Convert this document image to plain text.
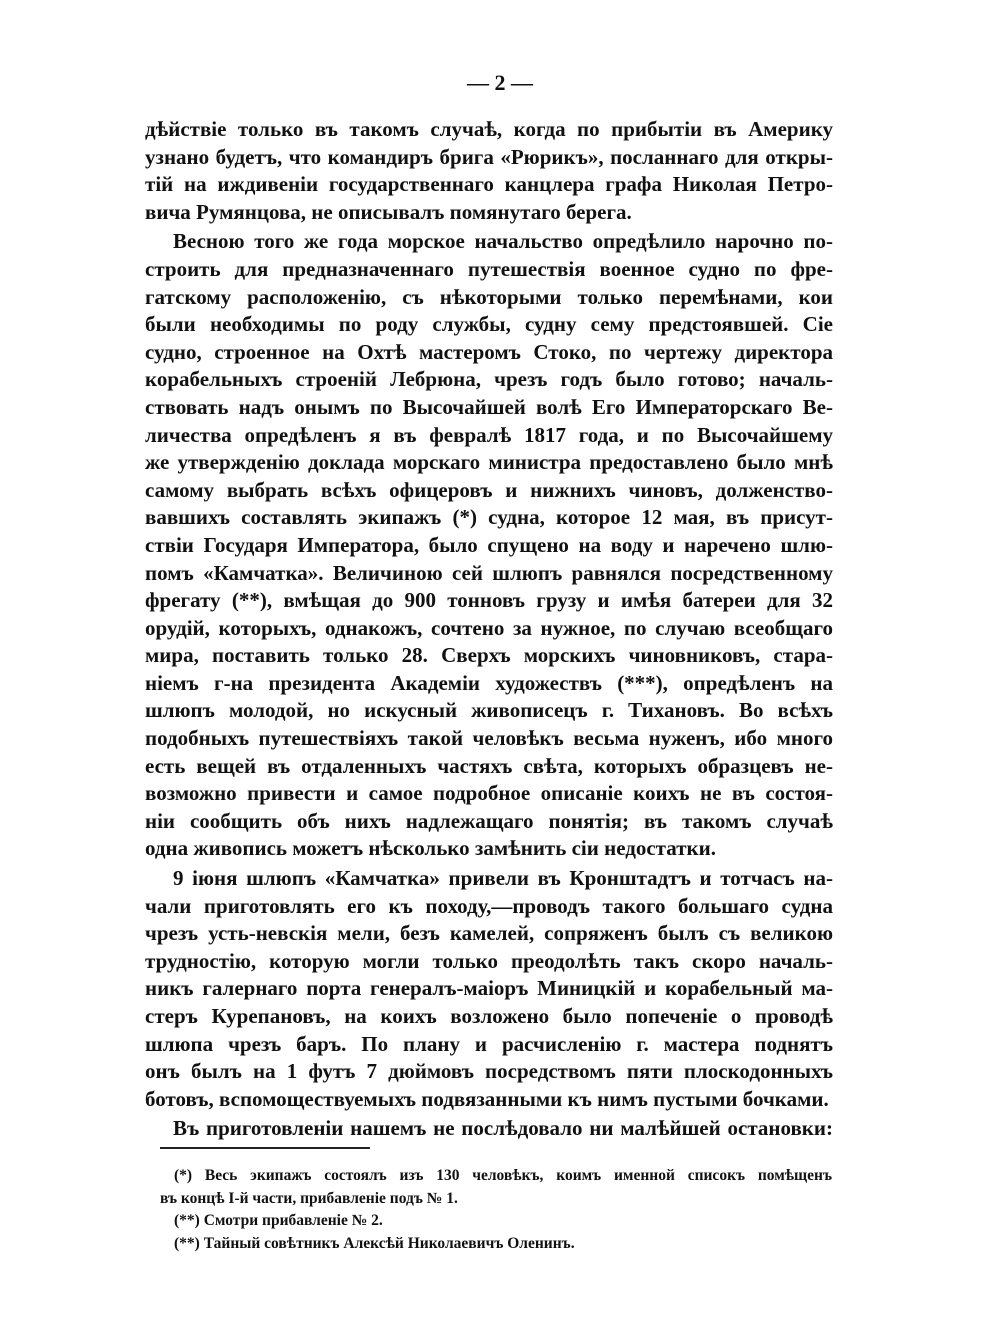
— 2 —
дѣйствіе только въ такомъ случаѣ, когда по прибытіи въ Америку
узнано будетъ, что командиръ брига «Рюрикъ», посланнаго для откры-
тій на иждивеніи государственнаго канцлера графа Николая Петро-
вича Румянцова, не описывалъ помянутаго берега.
Весною того же года морское начальство опредѣлило нарочно по-
строить для предназначеннаго путешествія военное судно по фре-
гатскому расположенію, съ нѣкоторыми только перемѣнами, кои
были необходимы по роду службы, судну сему предстоявшей. Сіе
судно, строенное на Охтѣ мастеромъ Стоко, по чертежу директора
корабельныхъ строеній Лебрюна, чрезъ годъ было готово; началь-
ствовать надъ онымъ по Высочайшей волѣ Его Императорскаго Ве-
личества опредѣленъ я въ февралѣ 1817 года, и по Высочайшему
же утвержденію доклада морскаго министра предоставлено было мнѣ
самому выбрать всѣхъ офицеровъ и нижнихъ чиновъ, долженство-
вавшихъ составлять экипажъ (*) судна, которое 12 мая, въ присут-
ствіи Государя Императора, было спущено на воду и наречено шлю-
помъ «Камчатка». Величиною сей шлюпъ равнялся посредственному
фрегату (**), вмѣщая до 900 тонновъ грузу и имѣя батереи для 32
орудій, которыхъ, однакожъ, сочтено за нужное, по случаю всеобщаго
мира, поставить только 28. Сверхъ морскихъ чиновниковъ, стара-
ніемъ г-на президента Академіи художествъ (***), опредѣленъ на
шлюпъ молодой, но искусный живописецъ г. Тихановъ. Во всѣхъ
подобныхъ путешествіяхъ такой человѣкъ весьма нуженъ, ибо много
есть вещей въ отдаленныхъ частяхъ свѣта, которыхъ образцевъ не-
возможно привести и самое подробное описаніе коихъ не въ состоя-
ніи сообщить объ нихъ надлежащаго понятія; въ такомъ случаѣ
одна живопись можетъ нѣсколько замѣнить сіи недостатки.
9 іюня шлюпъ «Камчатка» привели въ Кронштадтъ и тотчасъ на-
чали приготовлять его къ походу,—проводъ такого большаго судна
чрезъ усть-невскія мели, безъ камелей, сопряженъ былъ съ великою
трудностію, которую могли только преодолѣть такъ скоро началь-
никъ галернаго порта генералъ-маіоръ Миницкій и корабельный ма-
стеръ Курепановъ, на коихъ возложено было попеченіе о проводѣ
шлюпа чрезъ баръ. По плану и расчисленію г. мастера поднятъ
онъ былъ на 1 футъ 7 дюймовъ посредствомъ пяти плоскодонныхъ
ботовъ, вспомоществуемыхъ подвязанными къ нимъ пустыми бочками.
Въ приготовленіи нашемъ не послѣдовало ни малѣйшей остановки:
(*) Весь экипажъ состоялъ изъ 130 человѣкъ, коимъ именной списокъ помѣщенъ
въ концѣ І-й части, прибавленіе подъ № 1.
(**) Смотри прибавленіе № 2.
(**) Тайный совѣтникъ Алексѣй Николаевичъ Оленинъ.
